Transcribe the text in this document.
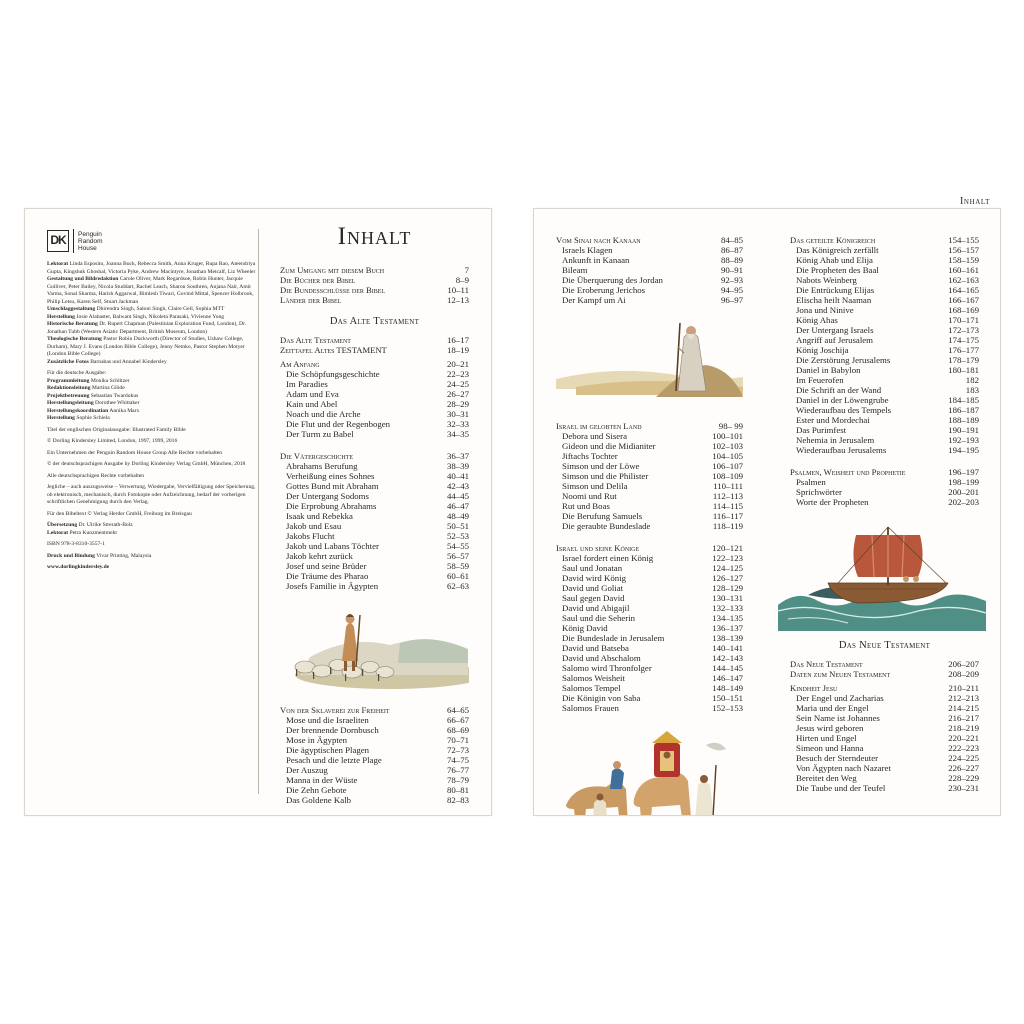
Inhalt
DK	Penguin
Random
House

Lektorat Linda Esposito, Joanna Buck, Rebecca Smith, Anna Kruger, Rupa Rao, Ateendriya Gupta, Kingshuk Ghoshal, Victoria Pyke, Andrew Macintyre, Jonathan Metcalf, Liz Wheeler
Gestaltung und Bildredaktion Carole Oliver, Mark Regardsoe, Robin Hunter, Jacquie Gulliver, Peter Bailey, Nicola Studdart, Rachel Leach, Sharon Southren, Anjana Nair, Amit Varma, Sonal Sharma, Harish Aggarwal, Bimlesh Tiwari, Govind Mittal, Spencer Holbrook, Philip Letsu, Karen Self, Stuart Jackman
Umschlaggestaltung Dhirendra Singh, Saloni Singh, Claire Gell, Sophia MTT
Herstellung Josie Alabaster, Balwant Singh, Nikoleta Parasaki, Vivienne Yong
Historische Beratung Dr. Rupert Chapman (Palestinian Exploration Fund, London), Dr. Jonathan Tubb (Western Asiatic Department, British Museum, London)
Theologische Beratung Pastor Robin Duckworth (Director of Studies, Ushaw College, Durham), Mary J. Evans (London Bible College), Jenny Nemko, Pastor Stephen Motyer (London Bible College)
Zusätzliche Fotos Barnabas und Annabel Kindersley

Für die deutsche Ausgabe:
Programmleitung Monika Schlitzer
Redaktionsleitung Martina Glöde
Projektbetreuung Sebastian Twardokus
Herstellungsleitung Dorothee Whittaker
Herstellungskoordination Annika Marx
Herstellung Sophie Schiela

Titel der englischen Originalausgabe: Illustrated Family Bible

© Dorling Kindersley Limited, London, 1997, 1999, 2016

Ein Unternehmen der Penguin Random House Group Alle Rechte vorbehalten

© der deutschsprachigen Ausgabe by Dorling Kindersley Verlag GmbH, München, 2018

Alle deutschsprachigen Rechte vorbehalten

Jegliche – auch auszugsweise – Verwertung, Wiedergabe, Vervielfältigung oder Speicherung, ob elektronisch, mechanisch, durch Fotokopie oder Aufzeichnung, bedarf der vorherigen schriftlichen Genehmigung durch den Verlag.

Für den Bibeltext © Verlag Herder GmbH, Freiburg im Breisgau

Übersetzung Dr. Ulrike Strerath-Bolz
Lektorat Petra Kunzmentmehr

ISBN 978-3-8310-3557-1

Druck und Bindung Vivar Printing, Malaysia

www.dorlingkindersley.de

Inhalt
Zum Umgang mit diesem Buch	7
Die Bücher der Bibel	8–9
Die Bundesschlüsse der Bibel	10–11
Länder der Bibel	12–13
Das Alte Testament
Das Alte Testament	16–17
Zeittafel Altes TESTAMENT	18–19
Am Anfang	20–21
Die Schöpfungsgeschichte	22–23
Im Paradies	24–25
Adam und Eva	26–27
Kain und Abel	28–29
Noach und die Arche	30–31
Die Flut und der Regenbogen	32–33
Der Turm zu Babel	34–35
Die Vätergeschichte	36–37
Abrahams Berufung	38–39
Verheißung eines Sohnes	40–41
Gottes Bund mit Abraham	42–43
Der Untergang Sodoms	44–45
Die Erprobung Abrahams	46–47
Isaak und Rebekka	48–49
Jakob und Esau	50–51
Jakobs Flucht	52–53
Jakob und Labans Töchter	54–55
Jakob kehrt zurück	56–57
Josef und seine Brüder	58–59
Die Träume des Pharao	60–61
Josefs Familie in Ägypten	62–63
Von der Sklaverei zur Freiheit	64–65
Mose und die Israeliten	66–67
Der brennende Dornbusch	68–69
Mose in Ägypten	70–71
Die ägyptischen Plagen	72–73
Pesach und die letzte Plage	74–75
Der Auszug	76–77
Manna in der Wüste	78–79
Die Zehn Gebote	80–81
Das Goldene Kalb	82–83
Vom Sinai nach Kanaan	84–85
Israels Klagen	86–87
Ankunft in Kanaan	88–89
Bileam	90–91
Die Überquerung des Jordan	92–93
Die Eroberung Jerichos	94–95
Der Kampf um Ai	96–97
Israel im gelobten Land	98– 99
Debora und Sisera	100–101
Gideon und die Midianiter	102–103
Jiftachs Tochter	104–105
Simson und der Löwe	106–107
Simson und die Philister	108–109
Simson und Delila	110–111
Noomi und Rut	112–113
Rut und Boas	114–115
Die Berufung Samuels	116–117
Die geraubte Bundeslade	118–119
Israel und seine Könige	120–121
Israel fordert einen König	122–123
Saul und Jonatan	124–125
David wird König	126–127
David und Goliat	128–129
Saul gegen David	130–131
David und Abigajil	132–133
Saul und die Seherin	134–135
König David	136–137
Die Bundeslade in Jerusalem	138–139
David und Batseba	140–141
David und Abschalom	142–143
Salomo wird Thronfolger	144–145
Salomos Weisheit	146–147
Salomos Tempel	148–149
Die Königin von Saba	150–151
Salomos Frauen	152–153
Das geteilte Königreich	154–155
Das Königreich zerfällt	156–157
König Ahab und Elija	158–159
Die Propheten des Baal	160–161
Nabots Weinberg	162–163
Die Entrückung Elijas	164–165
Elischa heilt Naaman	166–167
Jona und Ninive	168–169
König Ahas	170–171
Der Untergang Israels	172–173
Angriff auf Jerusalem	174–175
König Joschija	176–177
Die Zerstörung Jerusalems	178–179
Daniel in Babylon	180–181
Im Feuerofen	182
Die Schrift an der Wand	183
Daniel in der Löwengrube	184–185
Wiederaufbau des Tempels	186–187
Ester und Mordechai	188–189
Das Purimfest	190–191
Nehemia in Jerusalem	192–193
Wiederaufbau Jerusalems	194–195
Psalmen, Weisheit und Prophetie	196–197
Psalmen	198–199
Sprichwörter	200–201
Worte der Propheten	202–203
Das Neue Testament
Das Neue Testament	206–207
Daten zum Neuen Testament	208–209
Kindheit Jesu	210–211
Der Engel und Zacharias	212–213
Maria und der Engel	214–215
Sein Name ist Johannes	216–217
Jesus wird geboren	218–219
Hirten und Engel	220–221
Simeon und Hanna	222–223
Besuch der Sterndeuter	224–225
Von Ägypten nach Nazaret	226–227
Bereitet den Weg	228–229
Die Taube und der Teufel	230–231
